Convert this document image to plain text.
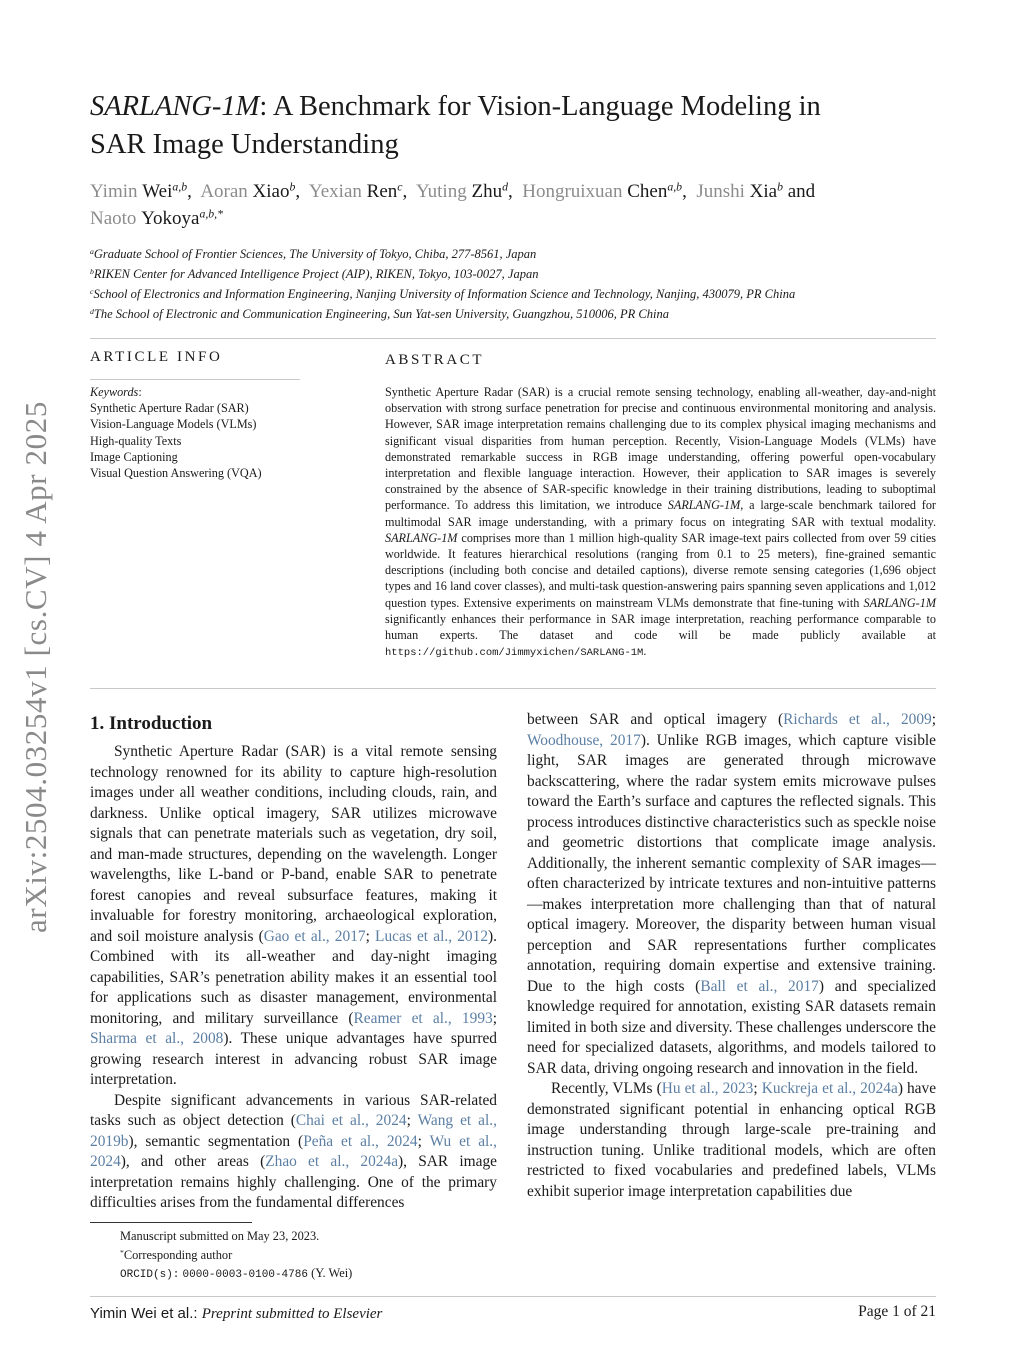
arXiv:2504.03254v1 [cs.CV] 4 Apr 2025
SARLANG-1M: A Benchmark for Vision-Language Modeling in
SAR Image Understanding
Yimin Wei$^{a,b}$,  Aoran Xiao$^b$,  Yexian Ren$^c$,  Yuting Zhu$^d$,  Hongruixuan Chen$^{a,b}$,  Junshi Xia$^b$ and
Naoto Yokoya$^{a,b,*}$
$^a$Graduate School of Frontier Sciences, The University of Tokyo, Chiba, 277-8561, Japan
$^b$RIKEN Center for Advanced Intelligence Project (AIP), RIKEN, Tokyo, 103-0027, Japan
$^c$School of Electronics and Information Engineering, Nanjing University of Information Science and Technology, Nanjing, 430079, PR China
$^d$The School of Electronic and Communication Engineering, Sun Yat-sen University, Guangzhou, 510006, PR China
ARTICLE INFO
Keywords:
Synthetic Aperture Radar (SAR)
Vision-Language Models (VLMs)
High-quality Texts
Image Captioning
Visual Question Answering (VQA)
ABSTRACT
Synthetic Aperture Radar (SAR) is a crucial remote sensing technology, enabling all-weather, day-and-night observation with strong surface penetration for precise and continuous environmental monitoring and analysis. However, SAR image interpretation remains challenging due to its complex physical imaging mechanisms and significant visual disparities from human perception. Recently, Vision-Language Models (VLMs) have demonstrated remarkable success in RGB image understanding, offering powerful open-vocabulary interpretation and flexible language interaction. However, their application to SAR images is severely constrained by the absence of SAR-specific knowledge in their training distributions, leading to suboptimal performance. To address this limitation, we introduce SARLANG-1M, a large-scale benchmark tailored for multimodal SAR image understanding, with a primary focus on integrating SAR with textual modality. SARLANG-1M comprises more than 1 million high-quality SAR image-text pairs collected from over 59 cities worldwide. It features hierarchical resolutions (ranging from 0.1 to 25 meters), fine-grained semantic descriptions (including both concise and detailed captions), diverse remote sensing categories (1,696 object types and 16 land cover classes), and multi-task question-answering pairs spanning seven applications and 1,012 question types. Extensive experiments on mainstream VLMs demonstrate that fine-tuning with SARLANG-1M significantly enhances their performance in SAR image interpretation, reaching performance comparable to human experts. The dataset and code will be made publicly available at https://github.com/Jimmyxichen/SARLANG-1M.
1. Introduction

Synthetic Aperture Radar (SAR) is a vital remote sensing technology renowned for its ability to capture high-resolution images under all weather conditions, including clouds, rain, and darkness. Unlike optical imagery, SAR utilizes microwave signals that can penetrate materials such as vegetation, dry soil, and man-made structures, depending on the wavelength. Longer wavelengths, like L-band or P-band, enable SAR to penetrate forest canopies and reveal subsurface features, making it invaluable for forestry monitoring, archaeological exploration, and soil moisture analysis (Gao et al., 2017; Lucas et al., 2012). Combined with its all-weather and day-night imaging capabilities, SAR’s penetration ability makes it an essential tool for applications such as disaster management, environmental monitoring, and military surveillance (Reamer et al., 1993; Sharma et al., 2008). These unique advantages have spurred growing research interest in advancing robust SAR image interpretation.

Despite significant advancements in various SAR-related tasks such as object detection (Chai et al., 2024; Wang et al., 2019b), semantic segmentation (Peña et al., 2024; Wu et al., 2024), and other areas (Zhao et al., 2024a), SAR image interpretation remains highly challenging. One of the primary difficulties arises from the fundamental differences

between SAR and optical imagery (Richards et al., 2009; Woodhouse, 2017). Unlike RGB images, which capture visible light, SAR images are generated through microwave backscattering, where the radar system emits microwave pulses toward the Earth’s surface and captures the reflected signals. This process introduces distinctive characteristics such as speckle noise and geometric distortions that complicate image analysis. Additionally, the inherent semantic complexity of SAR images—often characterized by intricate textures and non-intuitive patterns—makes interpretation more challenging than that of natural optical imagery. Moreover, the disparity between human visual perception and SAR representations further complicates annotation, requiring domain expertise and extensive training. Due to the high costs (Ball et al., 2017) and specialized knowledge required for annotation, existing SAR datasets remain limited in both size and diversity. These challenges underscore the need for specialized datasets, algorithms, and models tailored to SAR data, driving ongoing research and innovation in the field.

Recently, VLMs (Hu et al., 2023; Kuckreja et al., 2024a) have demonstrated significant potential in enhancing optical RGB image understanding through large-scale pre-training and instruction tuning. Unlike traditional models, which are often restricted to fixed vocabularies and predefined labels, VLMs exhibit superior image interpretation capabilities due

Manuscript submitted on May 23, 2023.
*Corresponding author
ORCID(s): 0000-0003-0100-4786 (Y. Wei)
Yimin Wei et al.: Preprint submitted to Elsevier	Page 1 of 21
